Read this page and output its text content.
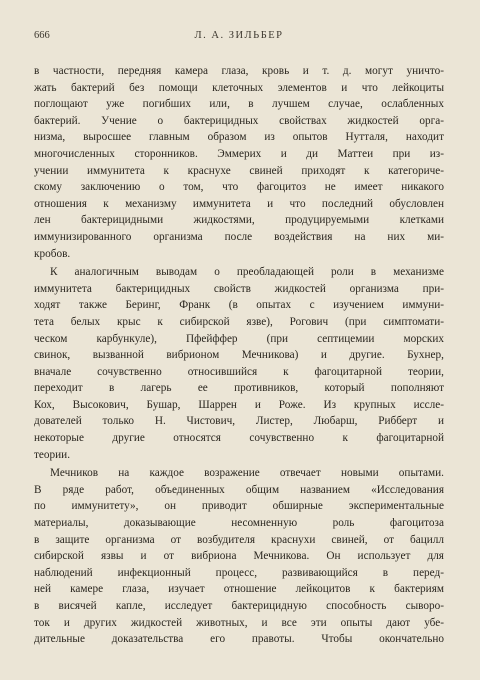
666	Л. А. ЗИЛЬБЕР
в частности, передняя камера глаза, кровь и т. д. могут уничто-
жать бактерий без помощи клеточных элементов и что лейкоциты
поглощают уже погибших или, в лучшем случае, ослабленных
бактерий. Учение о бактерицидных свойствах жидкостей орга-
низма, выросшее главным образом из опытов Нутталя, находит
многочисленных сторонников. Эммерих и ди Маттеи при из-
учении иммунитета к краснухе свиней приходят к категориче-
скому заключению о том, что фагоцитоз не имеет никакого
отношения к механизму иммунитета и что последний обусловлен
лен бактерицидными жидкостями, продуцируемыми клетками
иммунизированного организма после воздействия на них ми-
кробов.
К аналогичным выводам о преобладающей роли в механизме
иммунитета бактерицидных свойств жидкостей организма при-
ходят также Беринг, Франк (в опытах с изучением иммуни-
тета белых крыс к сибирской язве), Рогович (при симптомати-
ческом карбункуле), Пфейффер (при септицемии морских
свинок, вызванной вибрионом Мечникова) и другие. Бухнер,
вначале сочувственно относившийся к фагоцитарной теории,
переходит в лагерь ее противников, который пополняют
Кох, Высокович, Бушар, Шаррен и Роже. Из крупных иссле-
дователей только Н. Чистович, Листер, Любарш, Рибберт и
некоторые другие относятся сочувственно к фагоцитарной
теории.
Мечников на каждое возражение отвечает новыми опытами.
В ряде работ, объединенных общим названием «Исследования
по иммунитету», он приводит обширные экспериментальные
материалы, доказывающие несомненную роль фагоцитоза
в защите организма от возбудителя краснухи свиней, от бацилл
сибирской язвы и от вибриона Мечникова. Он использует для
наблюдений инфекционный процесс, развивающийся в перед-
ней камере глаза, изучает отношение лейкоцитов к бактериям
в висячей капле, исследует бактерицидную способность сыворо-
ток и других жидкостей животных, и все эти опыты дают убе-
дительные доказательства его правоты. Чтобы окончательно
